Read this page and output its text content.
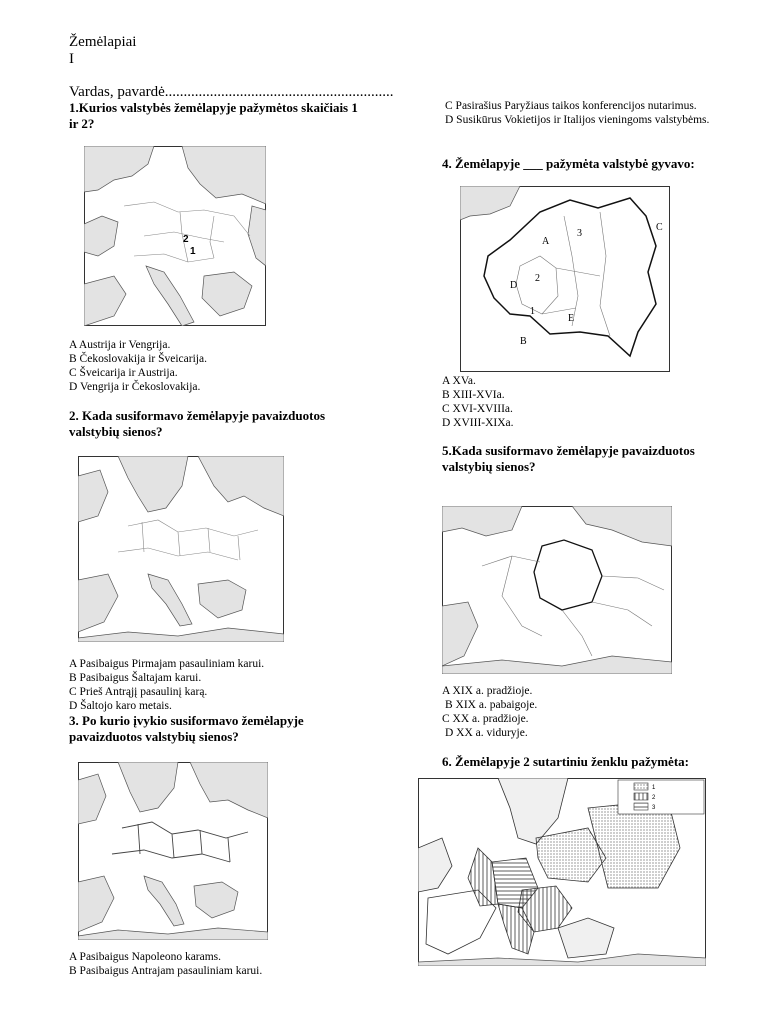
Žemėlapiai
I
Vardas, pavardė.............................................................
1.Kurios valstybės žemėlapyje pažymėtos skaičiais 1 ir 2?
2
1
A Austrija ir Vengrija.
B Čekoslovakija ir Šveicarija.
C Šveicarija ir Austrija.
D Vengrija ir Čekoslovakija.
2. Kada susiformavo žemėlapyje pavaizduotos valstybių sienos?
A Pasibaigus Pirmajam pasauliniam karui.
B Pasibaigus Šaltajam karui.
C Prieš Antrąjį pasaulinį karą.
D Šaltojo karo metais.
3. Po kurio įvykio susiformavo žemėlapyje pavaizduotos valstybių sienos?
A Pasibaigus Napoleono karams.
B Pasibaigus Antrajam pasauliniam karui.
C Pasirašius Paryžiaus taikos konferencijos nutarimus.
D Susikūrus Vokietijos ir Italijos vieningoms valstybėms.
4. Žemėlapyje ___ pažymėta valstybė gyvavo:
A
3
C
2
D
1
E
B
A XVa.
B XIII-XVIa.
C XVI-XVIIIa.
D XVIII-XIXa.
5.Kada susiformavo žemėlapyje pavaizduotos valstybių sienos?
A XIX a. pradžioje.
B XIX a. pabaigoje.
C XX a. pradžioje.
D XX a. viduryje.
6. Žemėlapyje 2 sutartiniu ženklu pažymėta:
1
2
3
